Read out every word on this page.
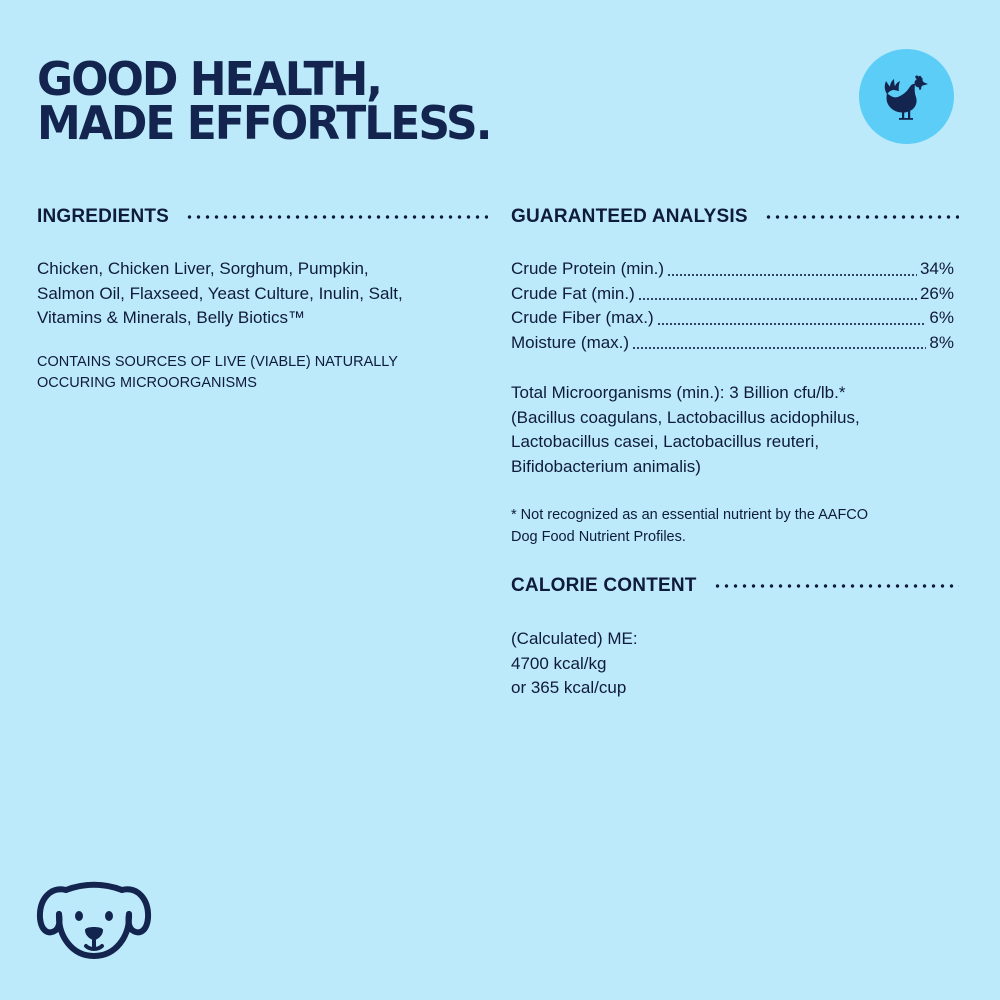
GOOD HEALTH,
MADE EFFORTLESS.
INGREDIENTS
Chicken, Chicken Liver, Sorghum, Pumpkin,
Salmon Oil, Flaxseed, Yeast Culture, Inulin, Salt,
Vitamins & Minerals, Belly Biotics™
CONTAINS SOURCES OF LIVE (VIABLE) NATURALLY
OCCURING MICROORGANISMS
GUARANTEED ANALYSIS
Crude Protein (min.)	34%
Crude Fat (min.)	26%
Crude Fiber (max.)	6%
Moisture (max.)	8%
Total Microorganisms (min.): 3 Billion cfu/lb.*
(Bacillus coagulans, Lactobacillus acidophilus,
Lactobacillus casei, Lactobacillus reuteri,
Bifidobacterium animalis)
* Not recognized as an essential nutrient by the AAFCO
Dog Food Nutrient Profiles.
CALORIE CONTENT
(Calculated) ME:
4700 kcal/kg
or 365 kcal/cup
